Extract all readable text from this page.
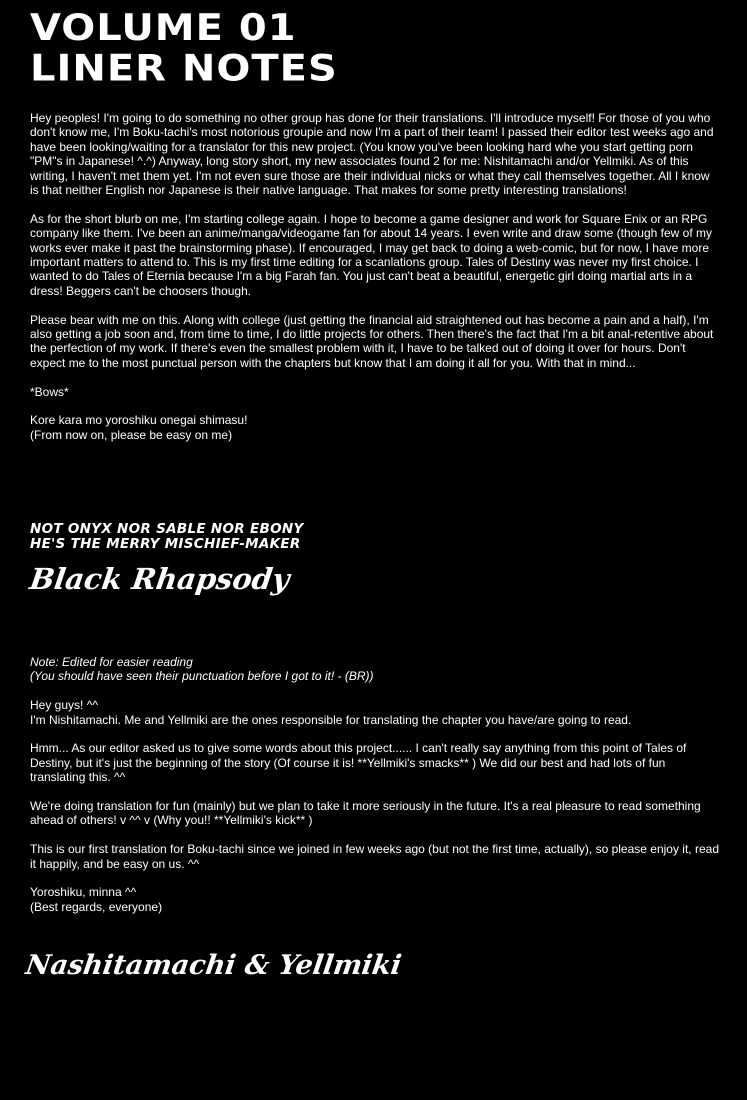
VOLUME 01
LINER NOTES

Hey peoples! I'm going to do something no other group has done for their translations. I'll introduce myself! For those of you who don't know me, I'm Boku-tachi's most notorious groupie and now I'm a part of their team! I passed their editor test weeks ago and have been looking/waiting for a translator for this new project. (You know you've been looking hard whe you start getting porn "PM"s in Japanese! ^.^) Anyway, long story short, my new associates found 2 for me: Nishitamachi and/or Yellmiki. As of this writing, I haven't met them yet. I'm not even sure those are their individual nicks or what they call themselves together. All I know is that neither English nor Japanese is their native language. That makes for some pretty interesting translations!

As for the short blurb on me, I'm starting college again. I hope to become a game designer and work for Square Enix or an RPG company like them. I've been an anime/manga/videogame fan for about 14 years. I even write and draw some (though few of my works ever make it past the brainstorming phase). If encouraged, I may get back to doing a web-comic, but for now, I have more important matters to attend to. This is my first time editing for a scanlations group. Tales of Destiny was never my first choice. I wanted to do Tales of Eternia because I'm a big Farah fan. You just can't beat a beautiful, energetic girl doing martial arts in a dress! Beggers can't be choosers though.

Please bear with me on this. Along with college (just getting the financial aid straightened out has become a pain and a half), I'm also getting a job soon and, from time to time, I do little projects for others. Then there's the fact that I'm a bit anal-retentive about the perfection of my work. If there's even the smallest problem with it, I have to be talked out of doing it over for hours. Don't expect me to the most punctual person with the chapters but know that I am doing it all for you. With that in mind...

*Bows*

Kore kara mo yoroshiku onegai shimasu!
(From now on, please be easy on me)

NOT ONYX NOR SABLE NOR EBONY
HE'S THE MERRY MISCHIEF-MAKER
Black Rhapsody

Note: Edited for easier reading
(You should have seen their punctuation before I got to it! - (BR))

Hey guys! ^^
I'm Nishitamachi. Me and Yellmiki are the ones responsible for translating the chapter you have/are going to read.

Hmm... As our editor asked us to give some words about this project...... I can't really say anything from this point of Tales of Destiny, but it's just the beginning of the story (Of course it is! **Yellmiki's smacks** ) We did our best and had lots of fun translating this. ^^

We're doing translation for fun (mainly) but we plan to take it more seriously in the future. It's a real pleasure to read something ahead of others! v ^^ v (Why you!! **Yellmiki's kick** )

This is our first translation for Boku-tachi since we joined in few weeks ago (but not the first time, actually), so please enjoy it, read it happily, and be easy on us. ^^

Yoroshiku, minna ^^
(Best regards, everyone)

Nashitamachi & Yellmiki
